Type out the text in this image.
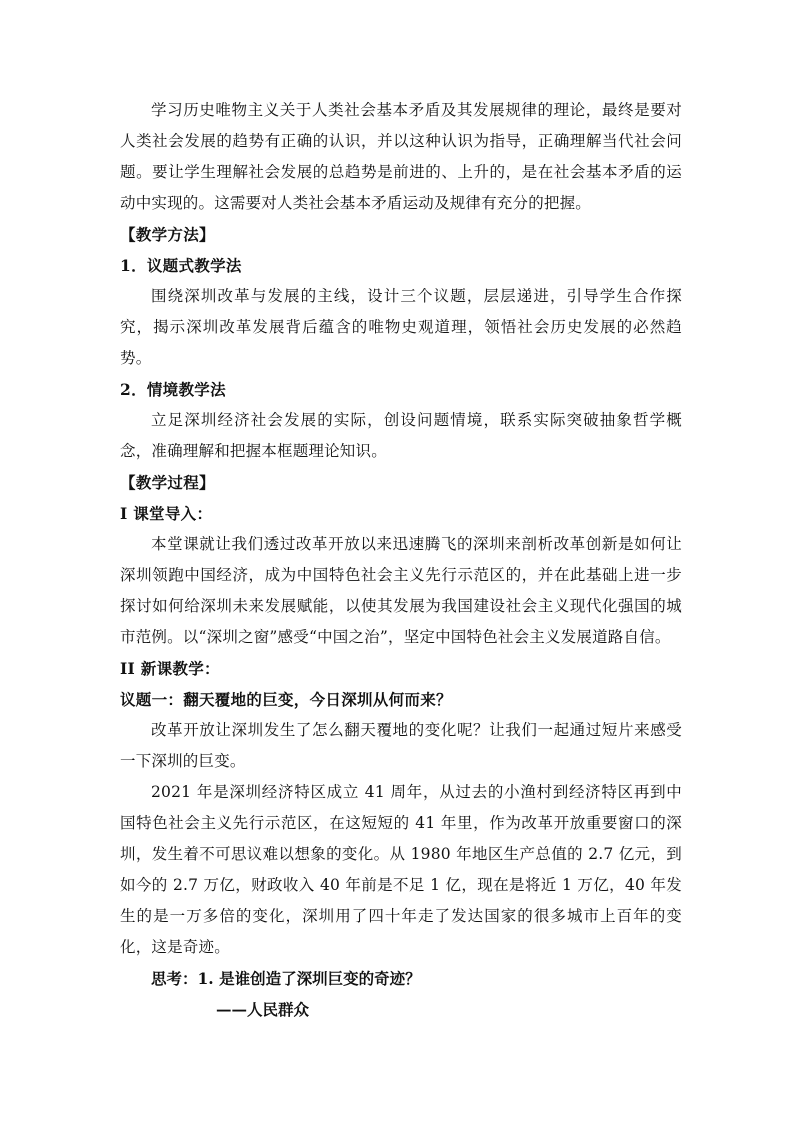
学习历史唯物主义关于人类社会基本矛盾及其发展规律的理论，最终是要对人类社会发展的趋势有正确的认识，并以这种认识为指导，正确理解当代社会问题。要让学生理解社会发展的总趋势是前进的、上升的，是在社会基本矛盾的运动中实现的。这需要对人类社会基本矛盾运动及规律有充分的把握。

【教学方法】

1．议题式教学法

围绕深圳改革与发展的主线，设计三个议题，层层递进，引导学生合作探究，揭示深圳改革发展背后蕴含的唯物史观道理，领悟社会历史发展的必然趋势。

2．情境教学法

立足深圳经济社会发展的实际，创设问题情境，联系实际突破抽象哲学概念，准确理解和把握本框题理论知识。

【教学过程】

I 课堂导入：

本堂课就让我们透过改革开放以来迅速腾飞的深圳来剖析改革创新是如何让深圳领跑中国经济，成为中国特色社会主义先行示范区的，并在此基础上进一步探讨如何给深圳未来发展赋能，以使其发展为我国建设社会主义现代化强国的城市范例。以“深圳之窗”感受“中国之治”，坚定中国特色社会主义发展道路自信。

II 新课教学：

议题一：翻天覆地的巨变，今日深圳从何而来？

改革开放让深圳发生了怎么翻天覆地的变化呢？让我们一起通过短片来感受一下深圳的巨变。

2021 年是深圳经济特区成立 41 周年，从过去的小渔村到经济特区再到中国特色社会主义先行示范区，在这短短的 41 年里，作为改革开放重要窗口的深圳，发生着不可思议难以想象的变化。从 1980 年地区生产总值的 2.7 亿元，到如今的 2.7 万亿，财政收入 40 年前是不足 1 亿，现在是将近 1 万亿，40 年发生的是一万多倍的变化，深圳用了四十年走了发达国家的很多城市上百年的变化，这是奇迹。

思考：1. 是谁创造了深圳巨变的奇迹？

——人民群众
